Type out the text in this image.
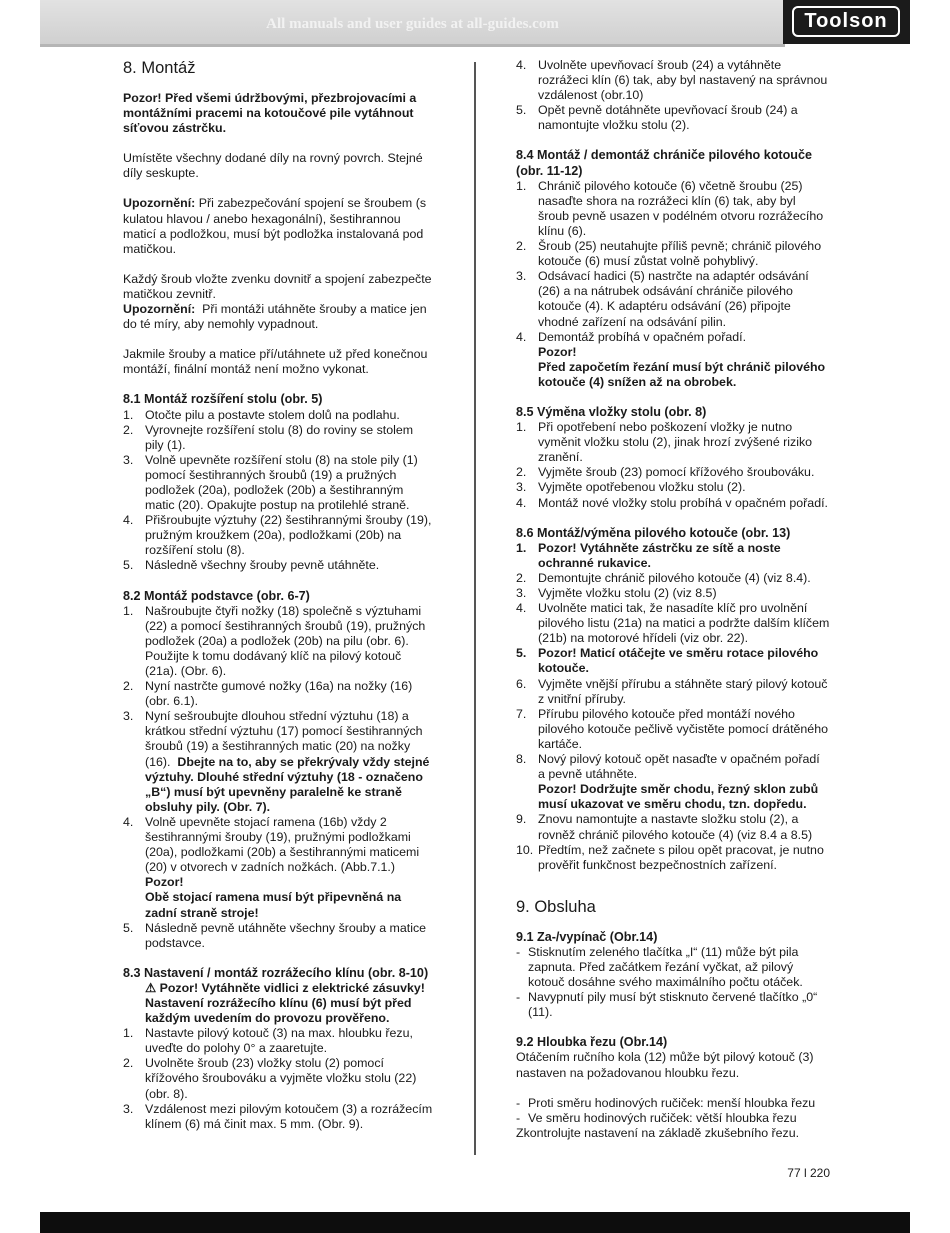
All manuals and user guides at all-guides.com	Toolson
8. Montáž

Pozor! Před všemi údržbovými, přezbrojovacími a montážními pracemi na kotoučové pile vytáhnout síťovou zástrčku.

Umístěte všechny dodané díly na rovný povrch. Stejné díly seskupte.

Upozornění: Při zabezpečování spojení se šroubem (s kulatou hlavou / anebo hexagonální), šestihrannou maticí a podložkou, musí být podložka instalovaná pod matičkou.

Každý šroub vložte zvenku dovnitř a spojení zabezpečte matičkou zevnitř.

Upozornění: Při montáži utáhněte šrouby a matice jen do té míry, aby nemohly vypadnout.

Jakmile šrouby a matice pří/utáhnete už před konečnou montáží, finální montáž není možno vykonat.

8.1 Montáž rozšíření stolu (obr. 5)
1. Otočte pilu a postavte stolem dolů na podlahu.
2. Vyrovnejte rozšíření stolu (8) do roviny se stolem pily (1).
3. Volně upevněte rozšíření stolu (8) na stole pily (1) pomocí šestihranných šroubů (19) a pružných podložek (20a), podložek (20b) a šestihranným matic (20). Opakujte postup na protilehlé straně.
4. Přišroubujte výztuhy (22) šestihrannými šrouby (19), pružným kroužkem (20a), podložkami (20b) na rozšíření stolu (8).
5. Následně všechny šrouby pevně utáhněte.
8.2 Montáž podstavce (obr. 6-7)
1. Našroubujte čtyři nožky (18) společně s výztuhami (22) a pomocí šestihranných šroubů (19), pružných podložek (20a) a podložek (20b) na pilu (obr. 6). Použijte k tomu dodávaný klíč na pilový kotouč (21a). (Obr. 6).
2. Nyní nastrčte gumové nožky (16a) na nožky (16) (obr. 6.1).
3. Nyní sešroubujte dlouhou střední výztuhu (18) a krátkou střední výztuhu (17) pomocí šestihranných šroubů (19) a šestihranných matic (20) na nožky (16). Dbejte na to, aby se překrývaly vždy stejné výztuhy. Dlouhé střední výztuhy (18 - označeno „B“) musí být upevněny paralelně ke straně obsluhy pily. (Obr. 7).
4. Volně upevněte stojací ramena (16b) vždy 2 šestihrannými šrouby (19), pružnými podložkami (20a), podložkami (20b) a šestihrannými maticemi (20) v otvorech v zadních nožkách. (Abb.7.1.)
Pozor!
Obě stojací ramena musí být připevněná na zadní straně stroje!
5. Následně pevně utáhněte všechny šrouby a matice podstavce.
8.3 Nastavení / montáž rozrážecího klínu (obr. 8-10)

⚠ Pozor! Vytáhněte vidlici z elektrické zásuvky! Nastavení rozrážecího klínu (6) musí být před každým uvedením do provozu prověřeno.

1. Nastavte pilový kotouč (3) na max. hloubku řezu, uveďte do polohy 0° a zaaretujte.
2. Uvolněte šroub (23) vložky stolu (2) pomocí křížového šroubováku a vyjměte vložku stolu (22) (obr. 8).
3. Vzdálenost mezi pilovým kotoučem (3) a rozrážecím klínem (6) má činit max. 5 mm. (Obr. 9).
4. Uvolněte upevňovací šroub (24) a vytáhněte rozrážeci klín (6) tak, aby byl nastavený na správnou vzdálenost (obr.10)
5. Opět pevně dotáhněte upevňovací šroub (24) a namontujte vložku stolu (2).
8.4 Montáž / demontáž chrániče pilového kotouče (obr. 11-12)
1. Chránič pilového kotouče (6) včetně šroubu (25) nasaďte shora na rozrážeci klín (6) tak, aby byl šroub pevně usazen v podélném otvoru rozrážecího klínu (6).
2. Šroub (25) neutahujte příliš pevně; chránič pilového kotouče (6) musí zůstat volně pohyblivý.
3. Odsávací hadici (5) nastrčte na adaptér odsávání (26) a na nátrubek odsávání chrániče pilového kotouče (4). K adaptéru odsávání (26) připojte vhodné zařízení na odsávání pilin.
4. Demontáž probíhá v opačném pořadí.
Pozor!
Před započetím řezání musí být chránič pilového kotouče (4) snížen až na obrobek.
8.5 Výměna vložky stolu (obr. 8)
1. Při opotřebení nebo poškození vložky je nutno vyměnit vložku stolu (2), jinak hrozí zvýšené riziko zranění.
2. Vyjměte šroub (23) pomocí křížového šroubováku.
3. Vyjměte opotřebenou vložku stolu (2).
4. Montáž nové vložky stolu probíhá v opačném pořadí.
8.6 Montáž/výměna pilového kotouče (obr. 13)
1. Pozor! Vytáhněte zástrčku ze sítě a noste ochranné rukavice.
2. Demontujte chránič pilového kotouče (4) (viz 8.4).
3. Vyjměte vložku stolu (2) (viz 8.5)
4. Uvolněte matici tak, že nasadíte klíč pro uvolnění pilového listu (21a) na matici a podržte dalším klíčem (21b) na motorové hřídeli (viz obr. 22).
5. Pozor! Maticí otáčejte ve směru rotace pilového kotouče.
6. Vyjměte vnější přírubu a stáhněte starý pilový kotouč z vnitřní příruby.
7. Přírubu pilového kotouče před montáží nového pilového kotouče pečlivě vyčistěte pomocí drátěného kartáče.
8. Nový pilový kotouč opět nasaďte v opačném pořadí a pevně utáhněte.
Pozor! Dodržujte směr chodu, řezný sklon zubů musí ukazovat ve směru chodu, tzn. dopředu.
9. Znovu namontujte a nastavte složku stolu (2), a rovněž chránič pilového kotouče (4) (viz 8.4 a 8.5)
10. Předtím, než začnete s pilou opět pracovat, je nutno prověřit funkčnost bezpečnostních zařízení.
9. Obsluha
9.1 Za-/vypínač (Obr.14)
- Stisknutím zeleného tlačítka „I“ (11) může být pila zapnuta. Před začátkem řezání vyčkat, až pilový kotouč dosáhne svého maximálního počtu otáček.
- Navypnutí pily musí být stisknuto červené tlačítko „0“ (11).
9.2 Hloubka řezu (Obr.14)

Otáčením ručního kola (12) může být pilový kotouč (3) nastaven na požadovanou hloubku řezu.

- Proti směru hodinových ručiček: menší hloubka řezu
- Ve směru hodinových ručiček: větší hloubka řezu

Zkontrolujte nastavení na základě zkušebního řezu.

77 l 220
